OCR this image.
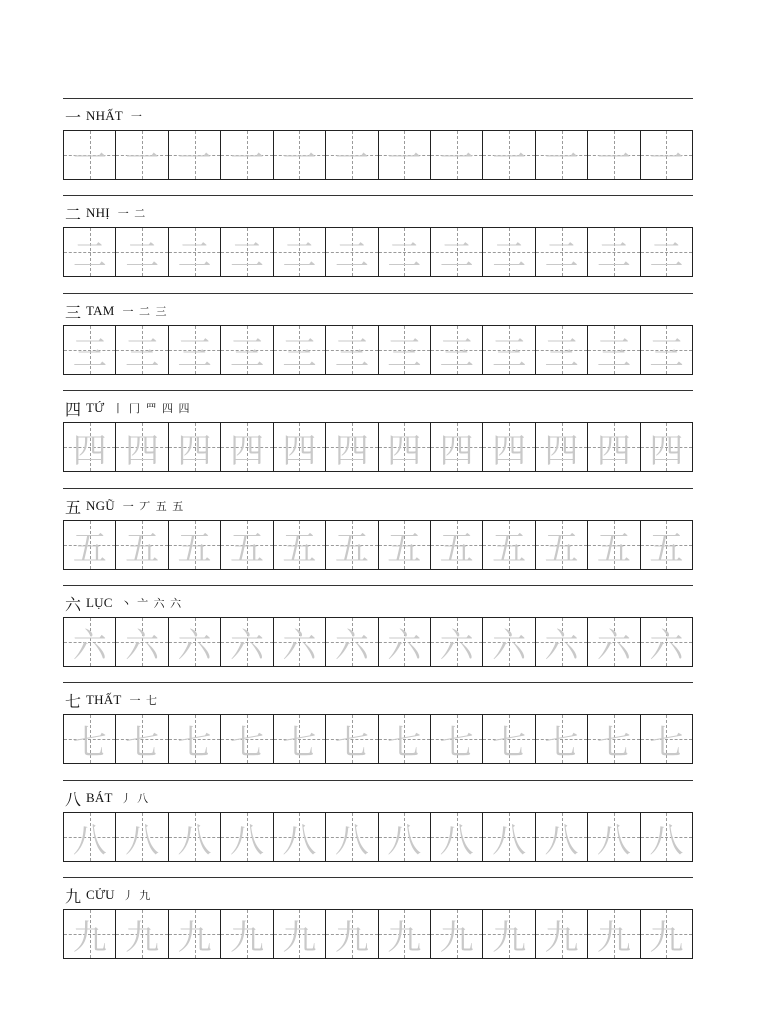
一 NHẤT 一
一 一 一 一 一 一 一 一 一 一 一 一
二 NHỊ 一 二
二 二 二 二 二 二 二 二 二 二 二 二
三 TAM 一 二 三
三 三 三 三 三 三 三 三 三 三 三 三
四 TỨ 丨 冂 罒 四 四
四 四 四 四 四 四 四 四 四 四 四 四
五 NGŨ 一 丆 五 五
五 五 五 五 五 五 五 五 五 五 五 五
六 LỤC 丶 亠 六 六
六 六 六 六 六 六 六 六 六 六 六 六
七 THẤT 一 七
七 七 七 七 七 七 七 七 七 七 七 七
八 BÁT 丿 八
八 八 八 八 八 八 八 八 八 八 八 八
九 CỬU 丿 九
九 九 九 九 九 九 九 九 九 九 九 九
